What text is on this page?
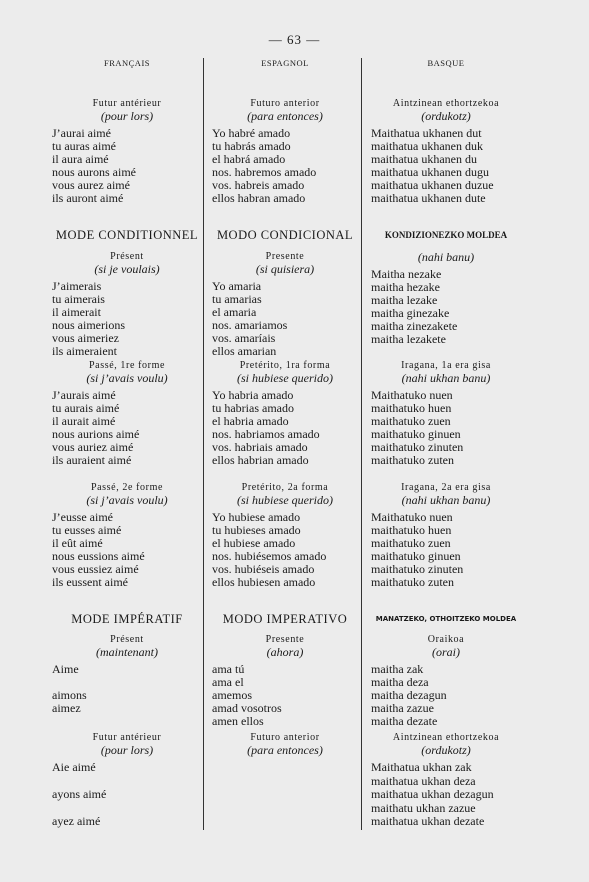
— 63 —
FRANÇAIS
Futur antérieur
(pour lors)
J’aurai aimé
tu auras aimé
il aura aimé
nous aurons aimé
vous aurez aimé
ils auront aimé
MODE CONDITIONNEL
Présent
(si je voulais)
J’aimerais
tu aimerais
il aimerait
nous aimerions
vous aimeriez
ils aimeraient
Passé, 1re forme
(si j’avais voulu)
J’aurais aimé
tu aurais aimé
il aurait aimé
nous aurions aimé
vous auriez aimé
ils auraient aimé
Passé, 2e forme
(si j’avais voulu)
J’eusse aimé
tu eusses aimé
il eût aimé
nous eussions aimé
vous eussiez aimé
ils eussent aimé
MODE IMPÉRATIF
Présent
(maintenant)
Aime

aimons
aimez

Futur antérieur
(pour lors)
Aie aimé

ayons aimé

ayez aimé
ESPAGNOL
Futuro anterior
(para entonces)
Yo habré amado
tu habrás amado
el habrá amado
nos. habremos amado
vos. habreis amado
ellos habran amado
MODO CONDICIONAL
Presente
(si quisiera)
Yo amaria
tu amarias
el amaria
nos. amariamos
vos. amaríais
ellos amarian
Pretérito, 1ra forma
(si hubiese querido)
Yo habria amado
tu habrias amado
el habria amado
nos. habriamos amado
vos. habriais amado
ellos habrian amado
Pretérito, 2a forma
(si hubiese querido)
Yo hubiese amado
tu hubieses amado
el hubiese amado
nos. hubiésemos amado
vos. hubiéseis amado
ellos hubiesen amado
MODO IMPERATIVO
Presente
(ahora)
ama tú
ama el
amemos
amad vosotros
amen ellos
Futuro anterior
(para entonces)
BASQUE
Aintzinean ethortzekoa
(ordukotz)
Maithatua ukhanen dut
maithatua ukhanen duk
maithatua ukhanen du
maithatua ukhanen dugu
maithatua ukhanen duzue
maithatua ukhanen dute
KONDIZIONEZKO MOLDEA
(nahi banu)
Maitha nezake
maitha hezake
maitha lezake
maitha ginezake
maitha zinezakete
maitha lezakete
Iragana, 1a era gisa
(nahi ukhan banu)
Maithatuko nuen
maithatuko huen
maithatuko zuen
maithatuko ginuen
maithatuko zinuten
maithatuko zuten
Iragana, 2a era gisa
(nahi ukhan banu)
Maithatuko nuen
maithatuko huen
maithatuko zuen
maithatuko ginuen
maithatuko zinuten
maithatuko zuten
MANATZEKO, OTHOITZEKO MOLDEA
Oraikoa
(orai)
maitha zak
maitha deza
maitha dezagun
maitha zazue
maitha dezate
Aintzinean ethortzekoa
(ordukotz)
Maithatua ukhan zak
maithatua ukhan deza
maithatua ukhan dezagun
maithatu ukhan zazue
maithatua ukhan dezate
